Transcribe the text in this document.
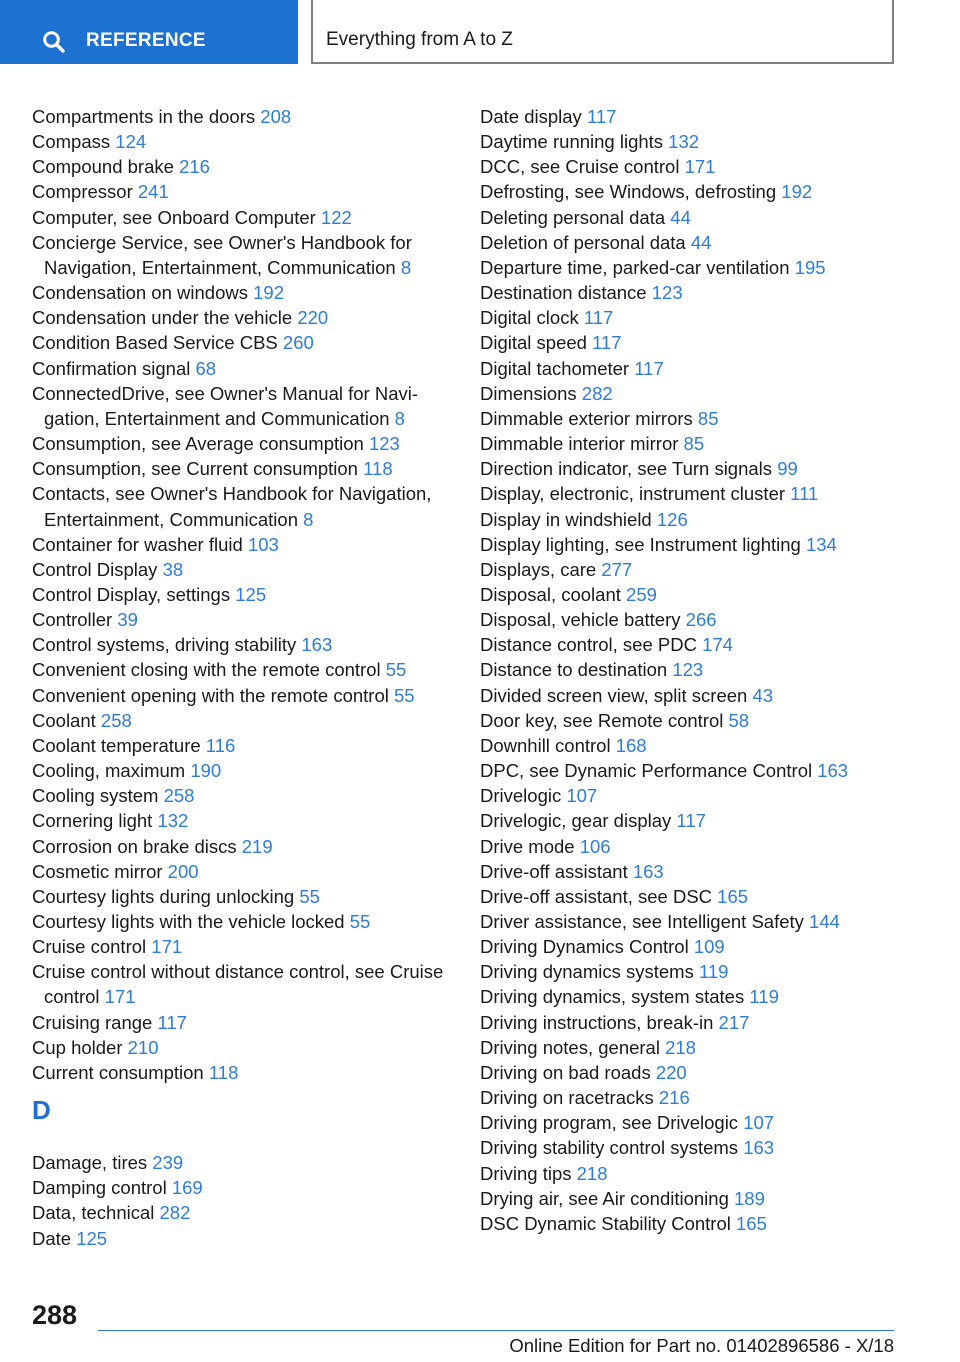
REFERENCE	Everything from A to Z
Compartments in the doors 208
Compass 124
Compound brake 216
Compressor 241
Computer, see Onboard Computer 122
Concierge Service, see Owner's Handbook for Navigation, Entertainment, Communication 8
Condensation on windows 192
Condensation under the vehicle 220
Condition Based Service CBS 260
Confirmation signal 68
ConnectedDrive, see Owner's Manual for Navigation, Entertainment and Communication 8
Consumption, see Average consumption 123
Consumption, see Current consumption 118
Contacts, see Owner's Handbook for Navigation, Entertainment, Communication 8
Container for washer fluid 103
Control Display 38
Control Display, settings 125
Controller 39
Control systems, driving stability 163
Convenient closing with the remote control 55
Convenient opening with the remote control 55
Coolant 258
Coolant temperature 116
Cooling, maximum 190
Cooling system 258
Cornering light 132
Corrosion on brake discs 219
Cosmetic mirror 200
Courtesy lights during unlocking 55
Courtesy lights with the vehicle locked 55
Cruise control 171
Cruise control without distance control, see Cruise control 171
Cruising range 117
Cup holder 210
Current consumption 118
D
Damage, tires 239
Damping control 169
Data, technical 282
Date 125
Date display 117
Daytime running lights 132
DCC, see Cruise control 171
Defrosting, see Windows, defrosting 192
Deleting personal data 44
Deletion of personal data 44
Departure time, parked-car ventilation 195
Destination distance 123
Digital clock 117
Digital speed 117
Digital tachometer 117
Dimensions 282
Dimmable exterior mirrors 85
Dimmable interior mirror 85
Direction indicator, see Turn signals 99
Display, electronic, instrument cluster 111
Display in windshield 126
Display lighting, see Instrument lighting 134
Displays, care 277
Disposal, coolant 259
Disposal, vehicle battery 266
Distance control, see PDC 174
Distance to destination 123
Divided screen view, split screen 43
Door key, see Remote control 58
Downhill control 168
DPC, see Dynamic Performance Control 163
Drivelogic 107
Drivelogic, gear display 117
Drive mode 106
Drive-off assistant 163
Drive-off assistant, see DSC 165
Driver assistance, see Intelligent Safety 144
Driving Dynamics Control 109
Driving dynamics systems 119
Driving dynamics, system states 119
Driving instructions, break-in 217
Driving notes, general 218
Driving on bad roads 220
Driving on racetracks 216
Driving program, see Drivelogic 107
Driving stability control systems 163
Driving tips 218
Drying air, see Air conditioning 189
DSC Dynamic Stability Control 165
288
Online Edition for Part no. 01402896586 - X/18
